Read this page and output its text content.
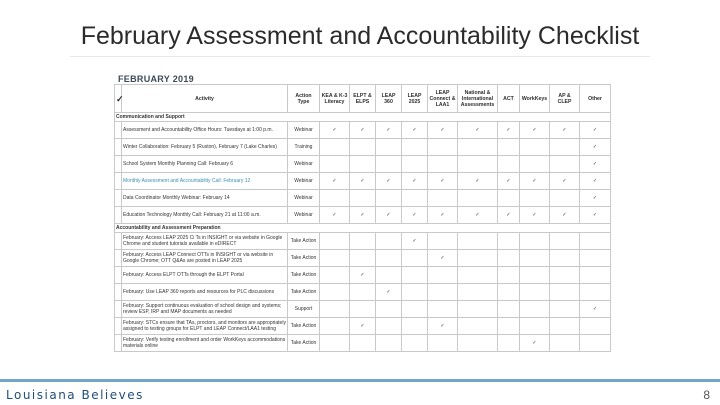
February Assessment and Accountability Checklist
FEBRUARY 2019
✓	Activity	Action Type	KEA & K-3 Literacy	ELPT & ELPS	LEAP 360	LEAP 2025	LEAP Connect & LAA1	National & International Assessments	ACT	WorkKeys	AP & CLEP	Other
Communication and Support												
	Assessment and Accountability Office Hours: Tuesdays at 1:00 p.m.	Webinar	✓	✓	✓	✓	✓	✓	✓	✓	✓	✓
	Winter Collaboration: February 5 (Ruston), February 7 (Lake Charles)	Training										✓
	School System Monthly Planning Call: February 6	Webinar										✓
	Monthly Assessment and Accountability Call: February 12	Webinar	✓	✓	✓	✓	✓	✓	✓	✓	✓	✓
	Data Coordinator Monthly Webinar: February 14	Webinar										✓
	Education Technology Monthly Call: February 21 at 11:00 a.m.	Webinar	✓	✓	✓	✓	✓	✓	✓	✓	✓	✓
Accountability and Assessment Preparation												
	February: Access LEAP 2025 Ci Ts in INSIGHT or via website in Google Chrome and student tutorials available in eDIRECT	Take Action				✓						
	February: Access LEAP Connect OTTs in INSIGHT or via website in Google Chrome; OTT Q&As are posted in LEAP 2025	Take Action					✓					
	February: Access ELPT OTTs through the ELPT Portal	Take Action		✓								
	February: Use LEAP 360 reports and resources for PLC discussions	Take Action			✓							
	February: Support continuous evaluation of school design and systems; review ESP, IRP and MAP documents as needed	Support										✓
	February: STCs ensure that TAs, proctors, and monitors are appropriately assigned to testing groups for ELPT and LEAP Connect/LAA1 testing	Take Action		✓			✓					
	February: Verify testing enrollment and order WorkKeys accommodations materials online	Take Action								✓		
Louisiana Believes	8
